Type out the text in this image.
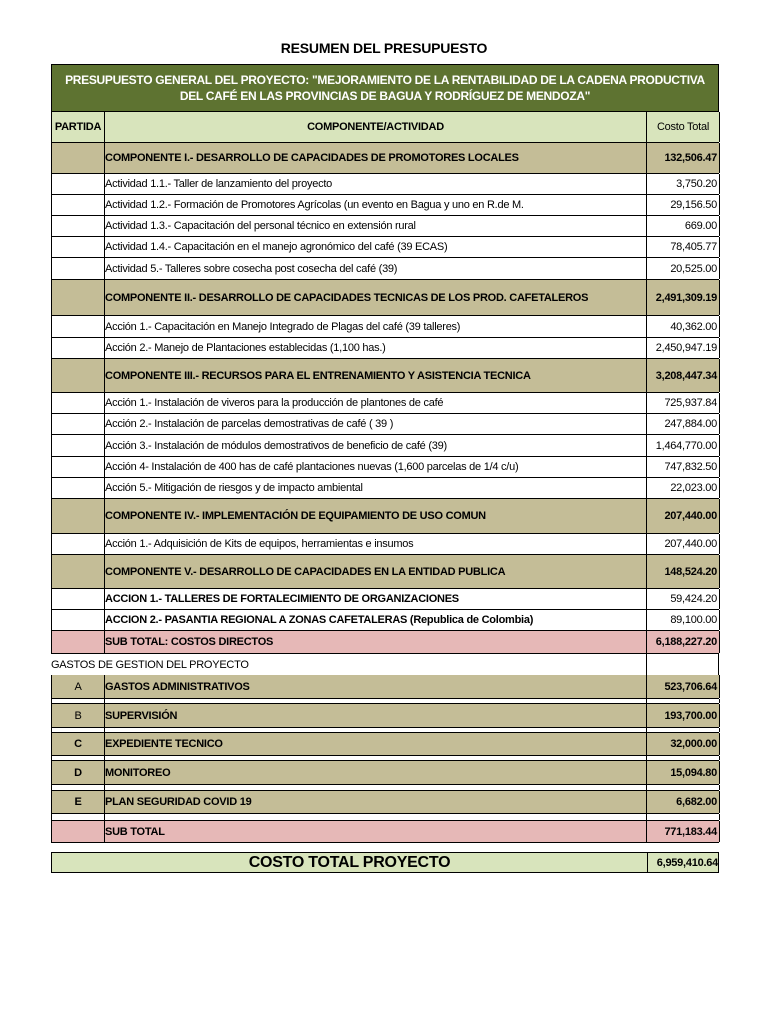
RESUMEN DEL PRESUPUESTO
PRESUPUESTO GENERAL DEL PROYECTO: "MEJORAMIENTO DE LA RENTABILIDAD DE LA CADENA PRODUCTIVA DEL CAFÉ EN LAS PROVINCIAS DE BAGUA Y RODRÍGUEZ DE MENDOZA"
PARTIDA	COMPONENTE/ACTIVIDAD	Costo Total
COMPONENTE I.- DESARROLLO DE CAPACIDADES DE PROMOTORES LOCALES	132,506.47
Actividad 1.1.- Taller de lanzamiento del proyecto	3,750.20
Actividad 1.2.- Formación de Promotores Agrícolas (un evento en Bagua y uno en R.de M.	29,156.50
Actividad 1.3.- Capacitación del personal técnico en extensión rural	669.00
Actividad 1.4.- Capacitación en el manejo agronómico del café (39 ECAS)	78,405.77
Actividad 5.- Talleres sobre cosecha post cosecha del café (39)	20,525.00
COMPONENTE II.- DESARROLLO DE CAPACIDADES TECNICAS DE LOS PROD. CAFETALEROS	2,491,309.19
Acción 1.- Capacitación en Manejo Integrado de Plagas del café (39 talleres)	40,362.00
Acción 2.- Manejo de Plantaciones establecidas (1,100 has.)	2,450,947.19
COMPONENTE III.- RECURSOS PARA EL ENTRENAMIENTO Y ASISTENCIA TECNICA	3,208,447.34
Acción 1.- Instalación de viveros para la producción de plantones de café	725,937.84
Acción 2.- Instalación de parcelas demostrativas de café ( 39 )	247,884.00
Acción 3.- Instalación de módulos demostrativos de beneficio de café (39)	1,464,770.00
Acción 4- Instalación de 400 has de café plantaciones nuevas (1,600 parcelas de 1/4 c/u)	747,832.50
Acción 5.- Mitigación de riesgos y de impacto ambiental	22,023.00
COMPONENTE IV.- IMPLEMENTACIÓN DE EQUIPAMIENTO DE USO COMUN	207,440.00
Acción 1.- Adquisición de Kits de equipos, herramientas e insumos	207,440.00
COMPONENTE V.- DESARROLLO DE CAPACIDADES EN LA ENTIDAD PUBLICA	148,524.20
ACCION 1.- TALLERES DE FORTALECIMIENTO DE ORGANIZACIONES	59,424.20
ACCION 2.- PASANTIA REGIONAL A ZONAS CAFETALERAS (Republica de Colombia)	89,100.00
SUB TOTAL: COSTOS DIRECTOS	6,188,227.20
GASTOS DE GESTION DEL PROYECTO
A	GASTOS ADMINISTRATIVOS	523,706.64
B	SUPERVISIÓN	193,700.00
C	EXPEDIENTE TECNICO	32,000.00
D	MONITOREO	15,094.80
E	PLAN SEGURIDAD COVID 19	6,682.00
SUB TOTAL	771,183.44
COSTO TOTAL PROYECTO	6,959,410.64
